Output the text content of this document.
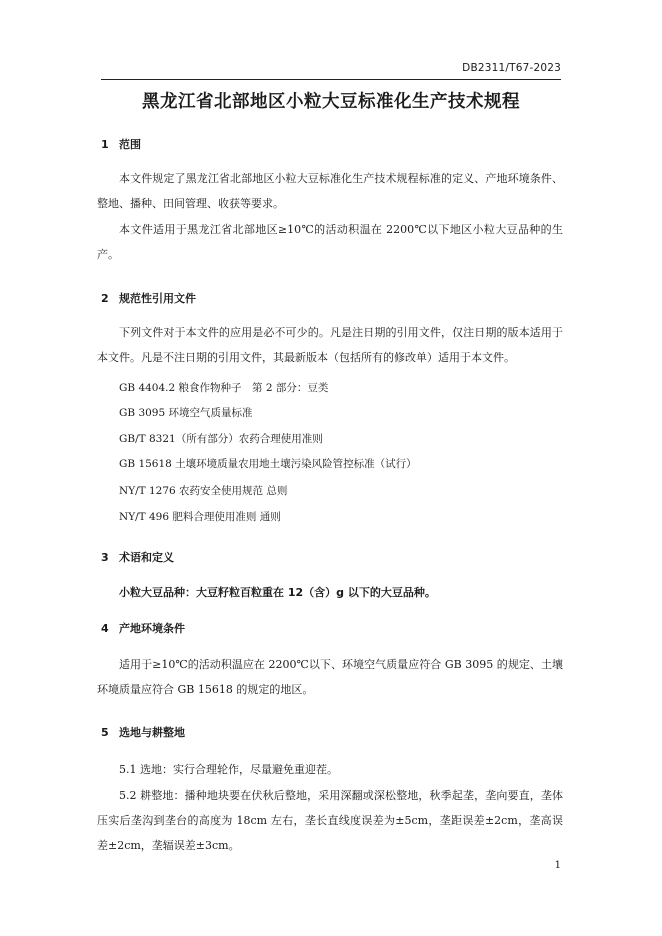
DB2311/T67-2023
黑龙江省北部地区小粒大豆标准化生产技术规程
1 范围
本文件规定了黑龙江省北部地区小粒大豆标准化生产技术规程标准的定义、产地环境条件、整地、播种、田间管理、收获等要求。
本文件适用于黑龙江省北部地区≥10℃的活动积温在 2200℃以下地区小粒大豆品种的生产。
2 规范性引用文件
下列文件对于本文件的应用是必不可少的。凡是注日期的引用文件，仅注日期的版本适用于本文件。凡是不注日期的引用文件，其最新版本（包括所有的修改单）适用于本文件。
GB 4404.2 粮食作物种子　第 2 部分：豆类
GB 3095 环境空气质量标准
GB/T 8321（所有部分）农药合理使用准则
GB 15618 土壤环境质量农用地土壤污染风险管控标准（试行）
NY/T 1276 农药安全使用规范 总则
NY/T 496 肥料合理使用准则 通则
3 术语和定义
小粒大豆品种：大豆籽粒百粒重在 12（含）g 以下的大豆品种。
4 产地环境条件
适用于≥10℃的活动积温应在 2200℃以下、环境空气质量应符合 GB 3095 的规定、土壤环境质量应符合 GB 15618 的规定的地区。
5 选地与耕整地
5.1 选地：实行合理轮作，尽量避免重迎茬。
5.2 耕整地：播种地块要在伏秋后整地，采用深翻或深松整地，秋季起垄，垄向要直，垄体压实后垄沟到垄台的高度为 18cm 左右，垄长直线度误差为±5cm，垄距误差±2cm，垄高误差±2cm，垄辐误差±3cm。
1
